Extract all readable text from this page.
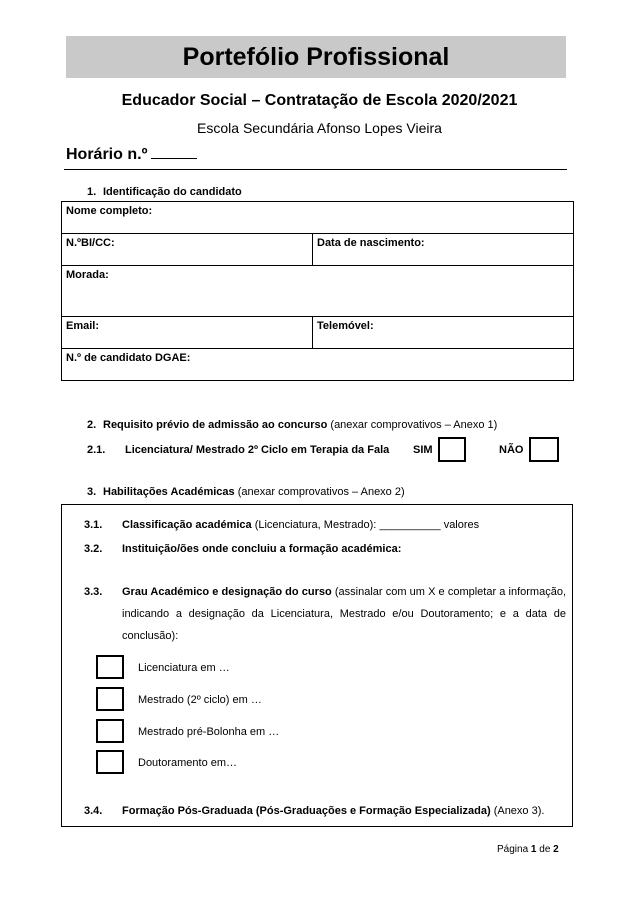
Portefólio Profissional
Educador Social – Contratação de Escola 2020/2021
Escola Secundária Afonso Lopes Vieira
Horário n.º
1. Identificação do candidato
Nome completo:	
N.ºBI/CC:	Data de nascimento:
Morada:	
Email:	Telemóvel:
N.º de candidato DGAE:	
2. Requisito prévio de admissão ao concurso (anexar comprovativos – Anexo 1)
2.1. Licenciatura/ Mestrado 2º Ciclo em Terapia da Fala SIM	NÃO
3. Habilitações Académicas (anexar comprovativos – Anexo 2)
3.1. Classificação académica (Licenciatura, Mestrado): __________ valores
3.2. Instituição/ões onde concluiu a formação académica:
3.3. Grau Académico e designação do curso (assinalar com um X e completar a informação, indicando a designação da Licenciatura, Mestrado e/ou Doutoramento; e a data de conclusão):
Licenciatura em …
Mestrado (2º ciclo) em …
Mestrado pré-Bolonha em …
Doutoramento em…
3.4. Formação Pós-Graduada (Pós-Graduações e Formação Especializada) (Anexo 3).
Página 1 de 2
